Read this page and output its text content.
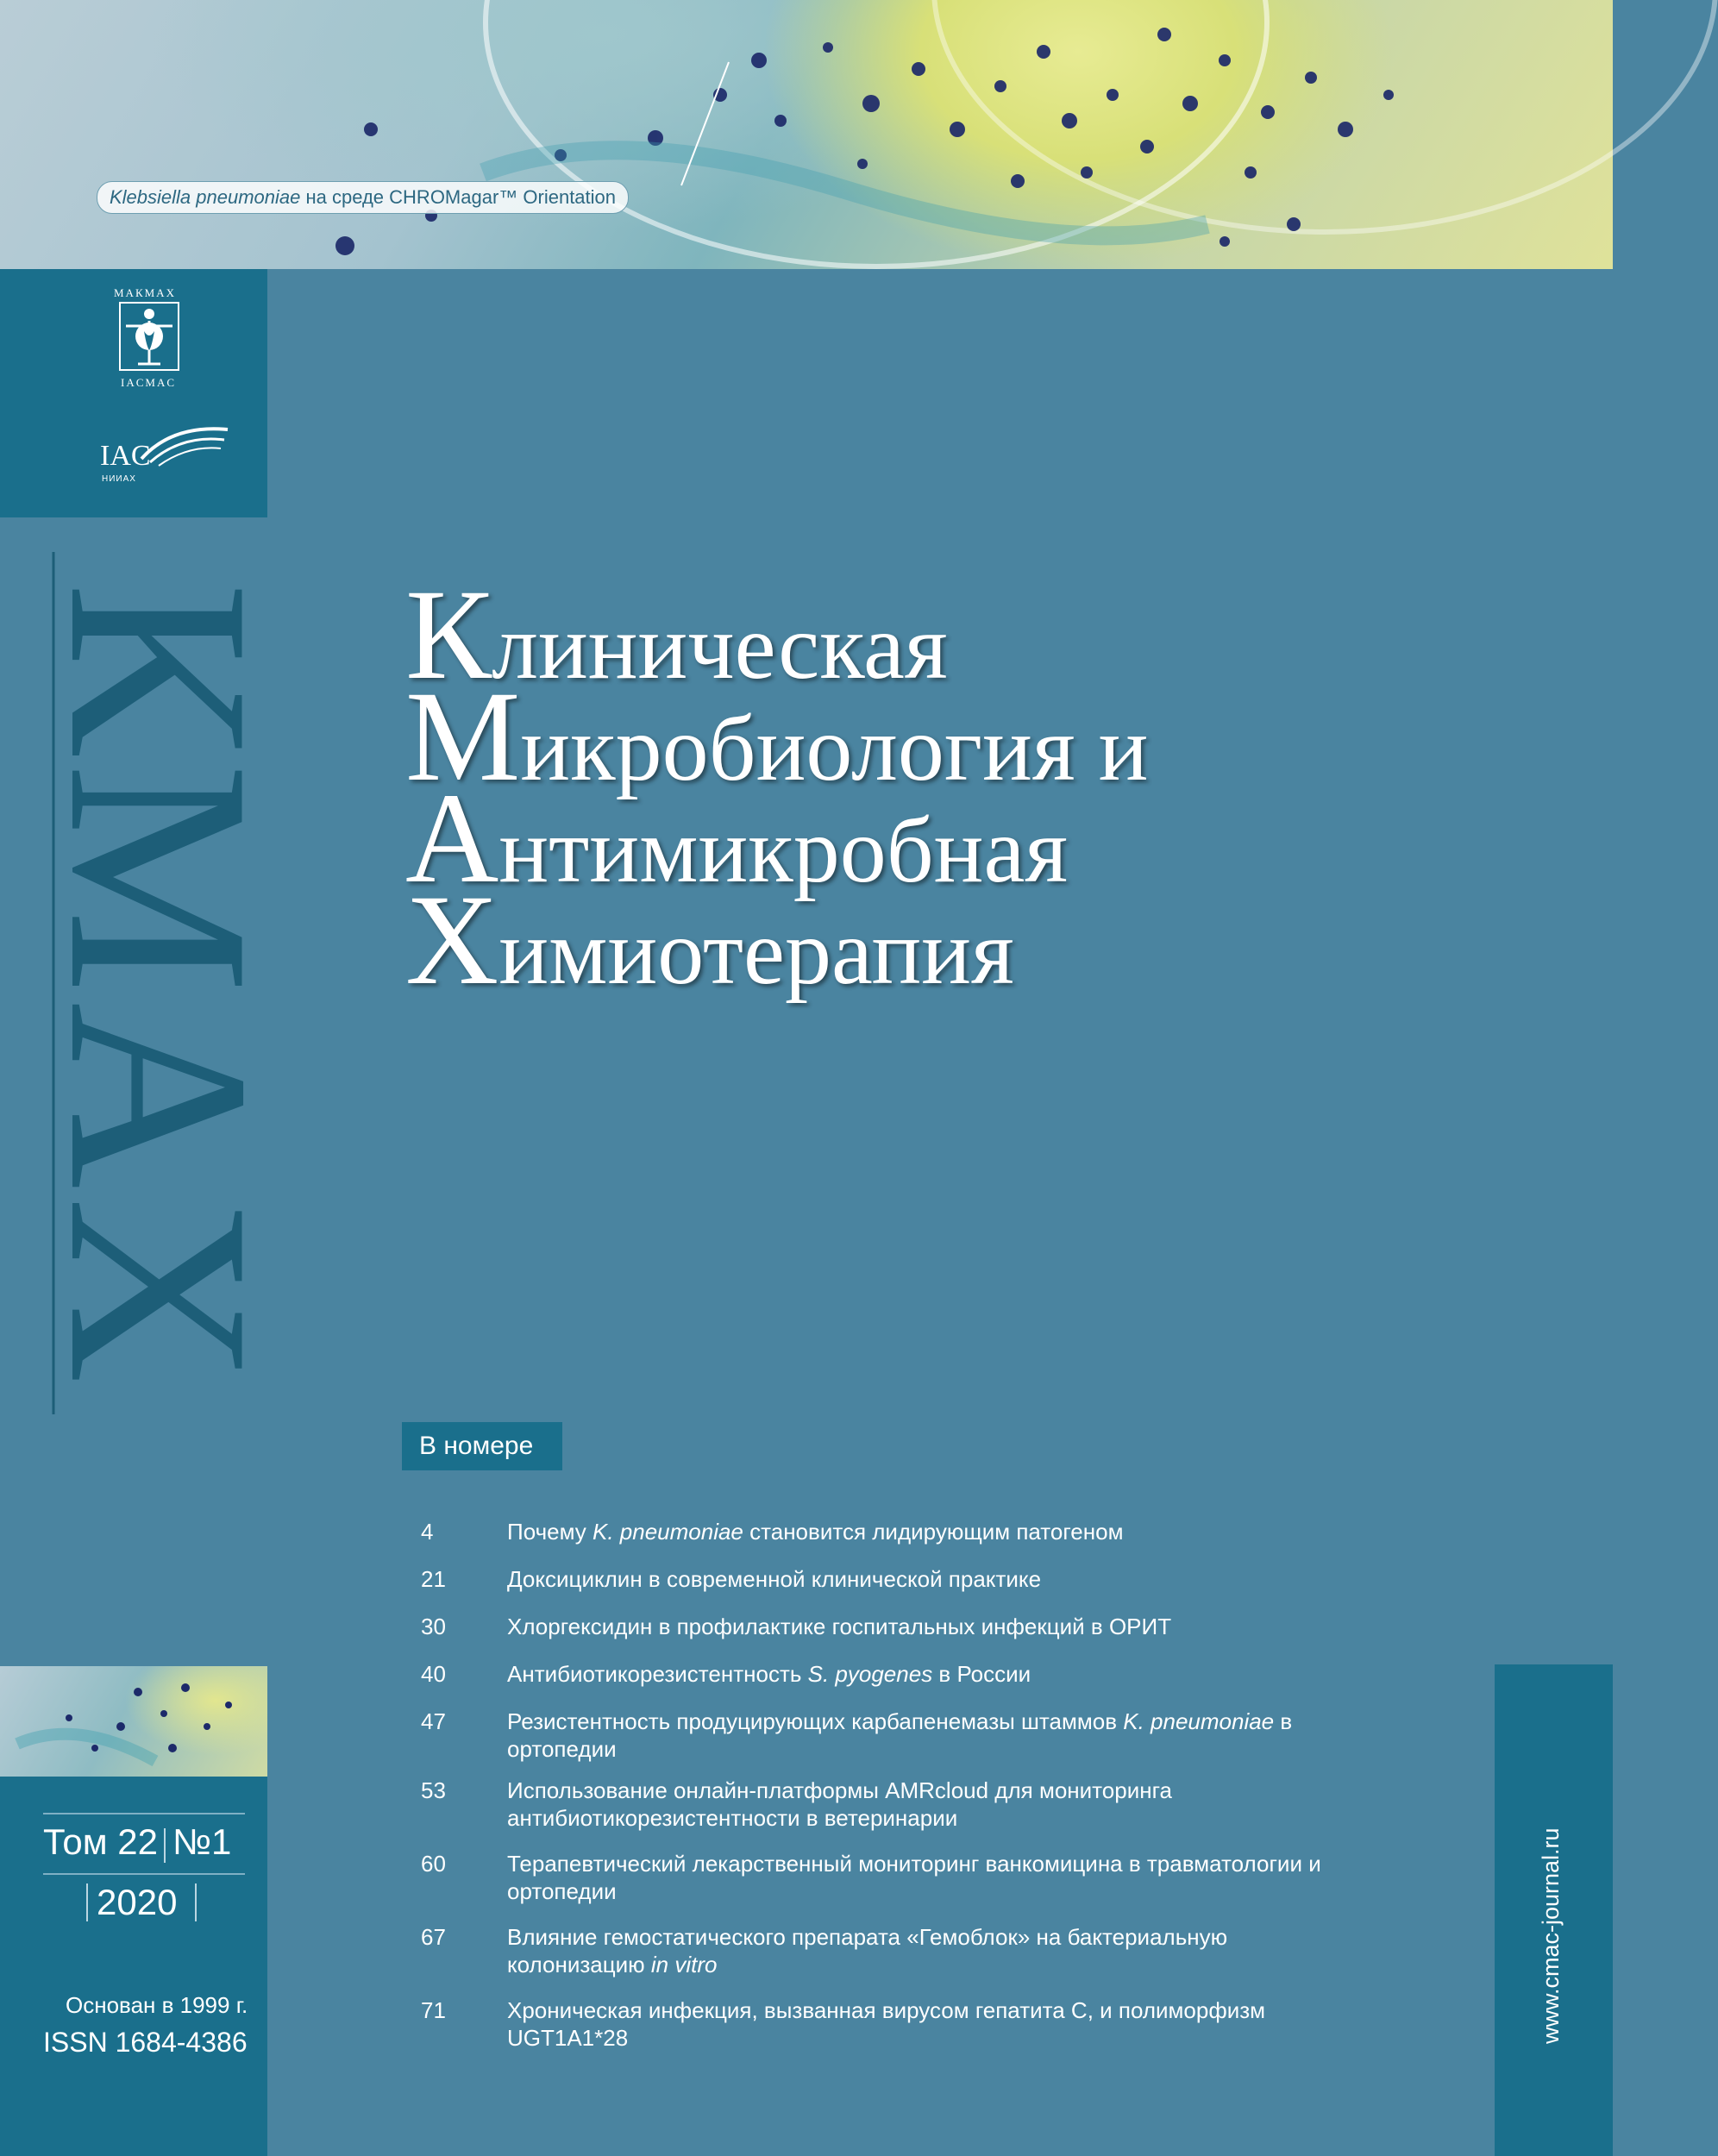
Klebsiella pneumoniae на среде CHROMagar™ Orientation
МАКМАХ
IACMAC
IAC
НИИАХ
КМАХ Клиническая
Микробиология и
Антимикробная
Химиотерапия
В номере
4	Почему K. pneumoniae становится лидирующим патогеном
21	Доксициклин в современной клинической практике
30	Хлоргексидин в профилактике госпитальных инфекций в ОРИТ
40	Антибиотикорезистентность S. pyogenes в России
47	Резистентность продуцирующих карбапенемазы штаммов K. pneumoniae в ортопедии
53	Использование онлайн-платформы AMRcloud для мониторинга антибиотикорезистентности в ветеринарии
60	Терапевтический лекарственный мониторинг ванкомицина в травматологии и ортопедии
67	Влияние гемостатического препарата «Гемоблок» на бактериальную колонизацию in vitro
71	Хроническая инфекция, вызванная вирусом гепатита С, и полиморфизм UGT1A1*28
Том 22 №1
2020
Основан в 1999 г.
ISSN 1684-4386	www.cmac-journal.ru
